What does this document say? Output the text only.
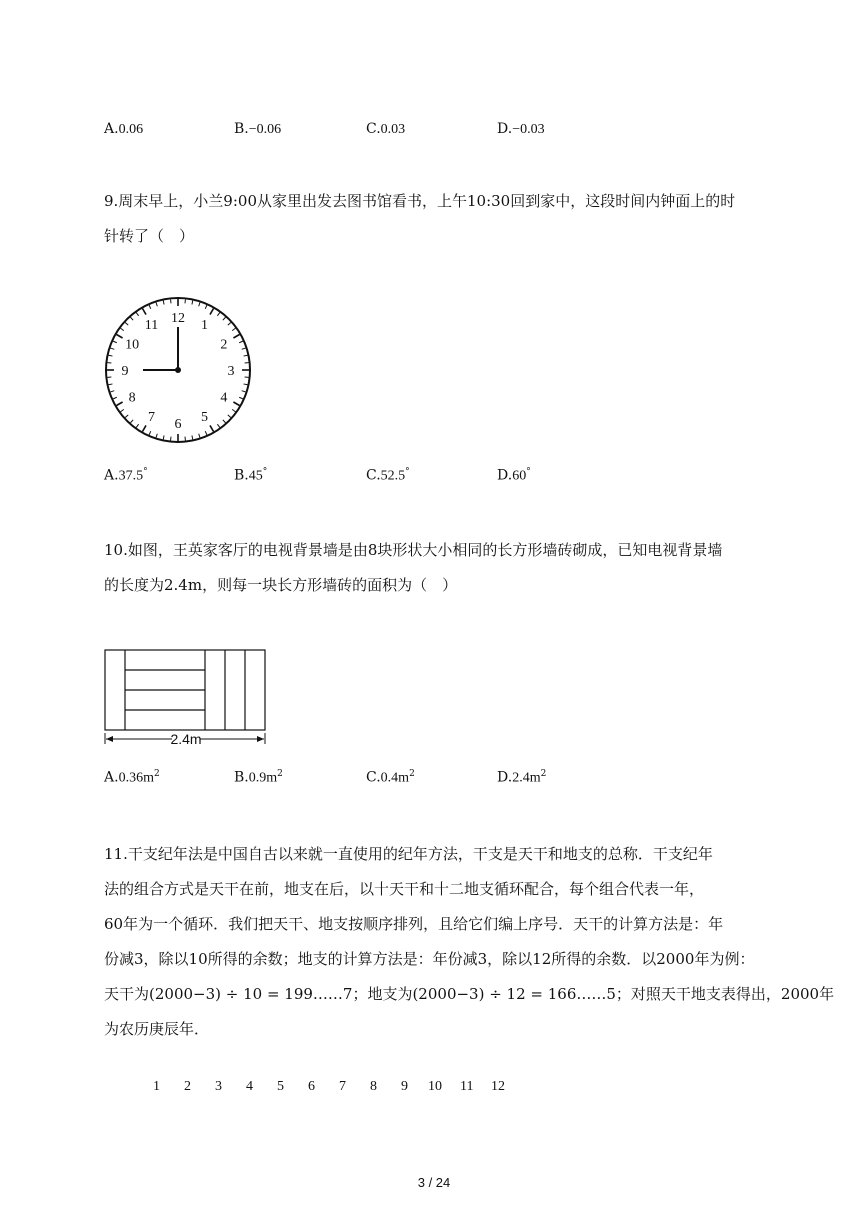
A.0.06	B.−0.06	C.0.03	D.−0.03
9.周末早上，小兰9:00从家里出发去图书馆看书，上午10:30回到家中，这段时间内钟面上的时
针转了（　）
12 1
2
3
4
5
6
7
8
9
10
11
A.37.5°	B.45°	C.52.5°	D.60°
10.如图，王英家客厅的电视背景墙是由8块形状大小相同的长方形墙砖砌成，已知电视背景墙
的长度为2.4m，则每一块长方形墙砖的面积为（　）
2.4m
$A.0.36m^2$	$B.0.9m^2$	$C.0.4m^2$	$D.2.4m^2$
11.干支纪年法是中国自古以来就一直使用的纪年方法，干支是天干和地支的总称．干支纪年
法的组合方式是天干在前，地支在后，以十天干和十二地支循环配合，每个组合代表一年，
60年为一个循环．我们把天干、地支按顺序排列，且给它们编上序号．天干的计算方法是：年
份减3，除以10所得的余数；地支的计算方法是：年份减3，除以12所得的余数．以2000年为例：
天干为(2000−3) ÷ 10 = 199……7；地支为(2000−3) ÷ 12 = 166……5；对照天干地支表得出，2000年
为农历庚辰年．
1 2 3 4 5 6 7 8 9 10 11 12
3 / 24
